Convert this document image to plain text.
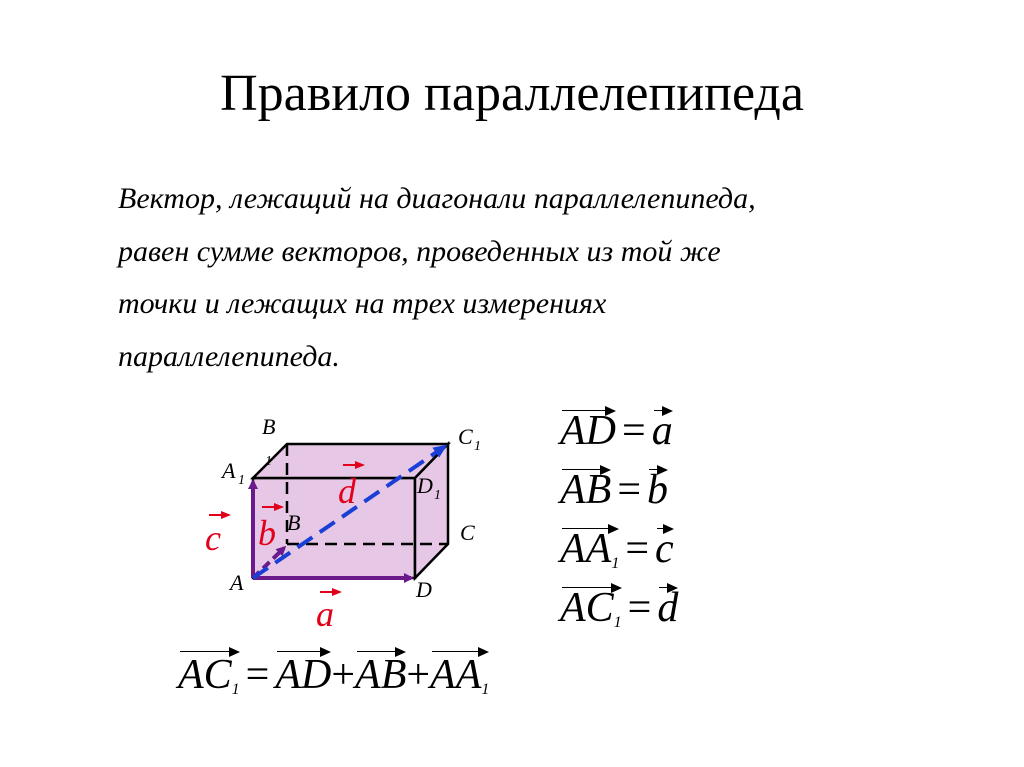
Правило параллелепипеда
Вектор, лежащий на диагонали параллелепипеда,
равен сумме векторов, проведенных из той же
точки и лежащих на трех измерениях
параллелепипеда.
B
1
C 1
A 1	D 1
B	C
A	D
c b
d
a
AD = a
AB = b
$AA_1 = c$
$AC_1 = d$
$AC_1 = AD+$
AB+
$AA_1$
